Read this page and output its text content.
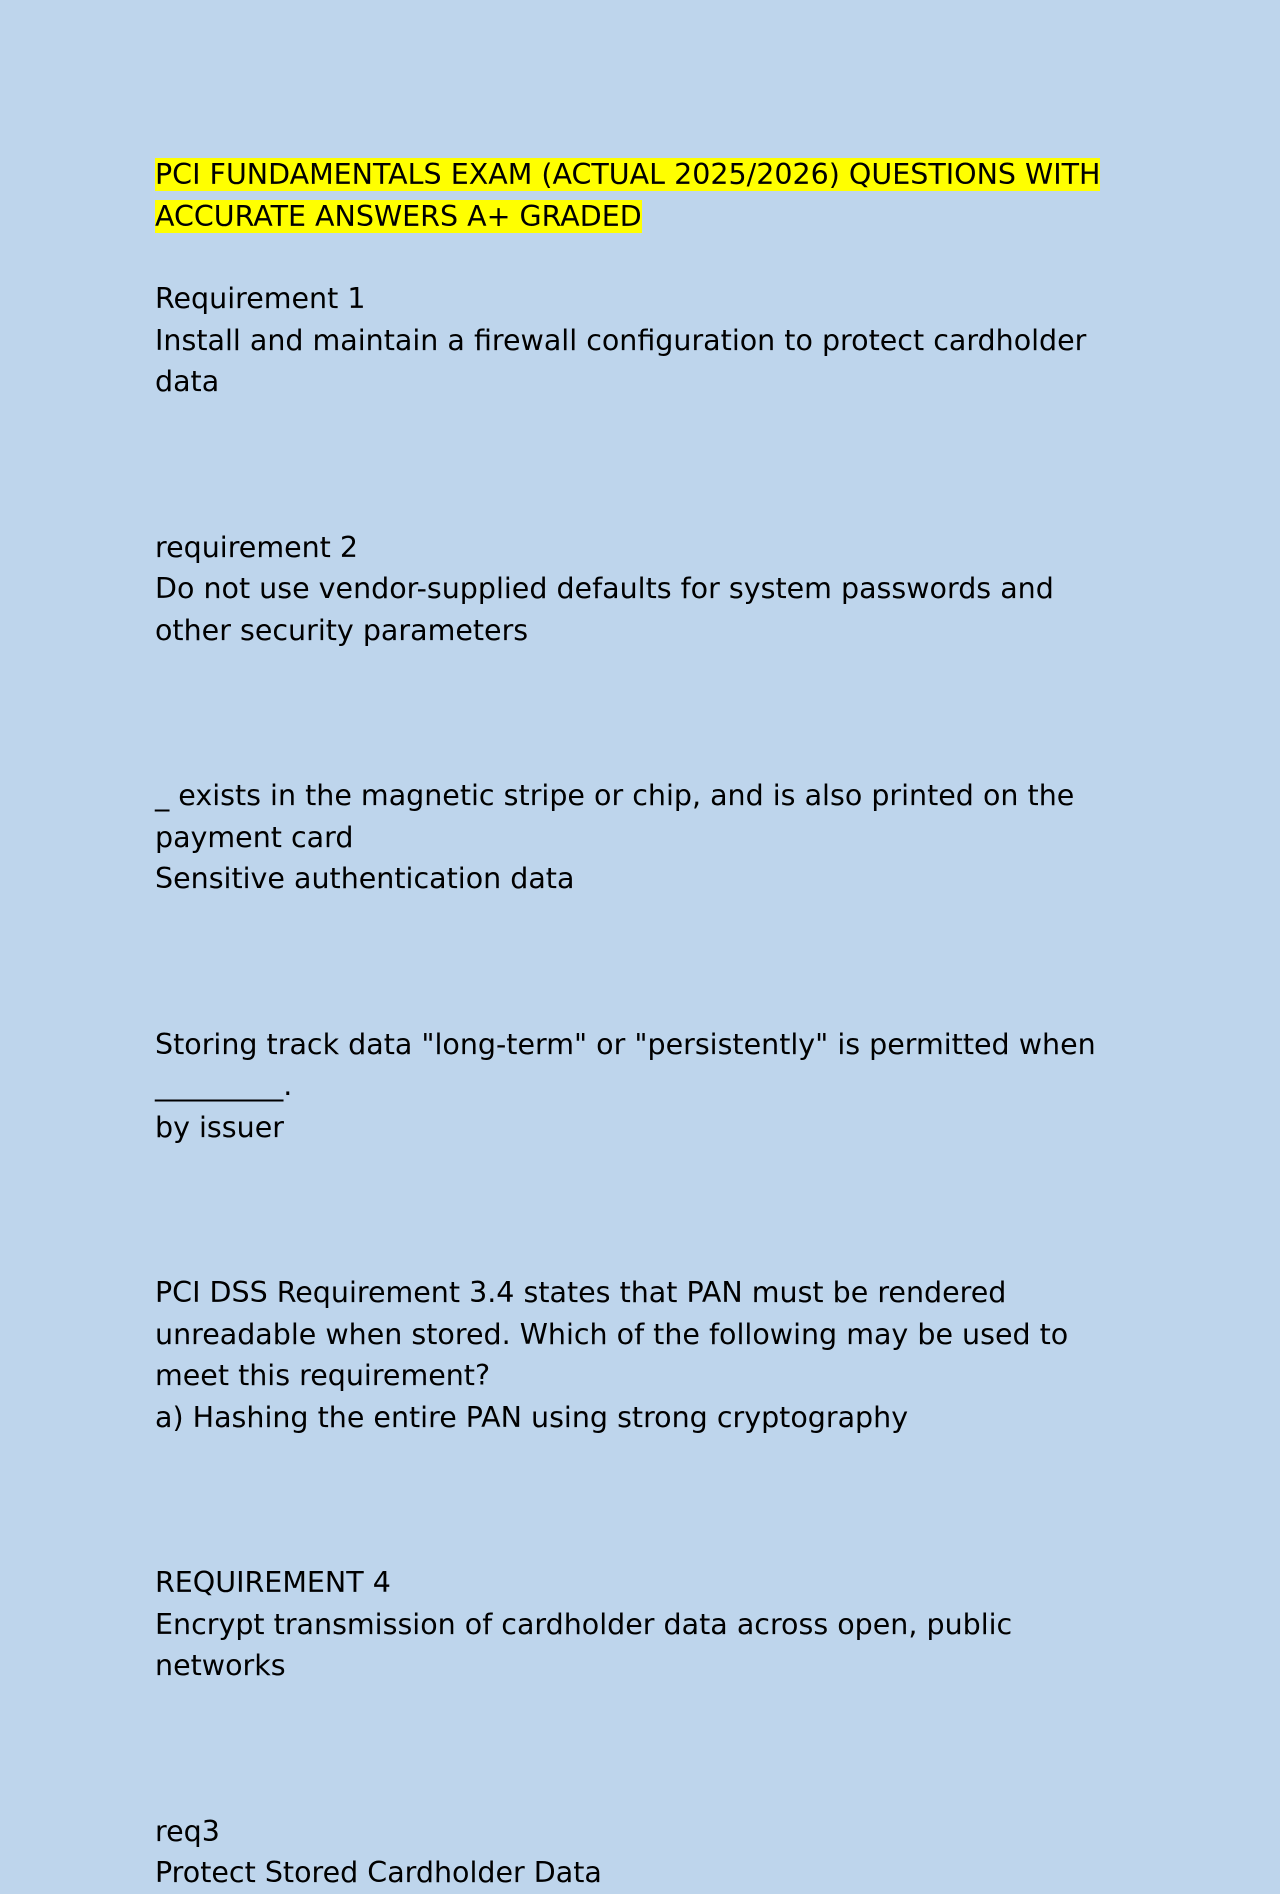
PCI FUNDAMENTALS EXAM (ACTUAL 2025/2026) QUESTIONS WITH ACCURATE ANSWERS A+ GRADED

Requirement 1

Install and maintain a firewall configuration to protect cardholder data

requirement 2

Do not use vendor-supplied defaults for system passwords and other security parameters

_ exists in the magnetic stripe or chip, and is also printed on the payment card

Sensitive authentication data

Storing track data "long-term" or "persistently" is permitted when _________.

by issuer

PCI DSS Requirement 3.4 states that PAN must be rendered unreadable when stored. Which of the following may be used to meet this requirement?

a) Hashing the entire PAN using strong cryptography

REQUIREMENT 4

Encrypt transmission of cardholder data across open, public networks

req3

Protect Stored Cardholder Data
